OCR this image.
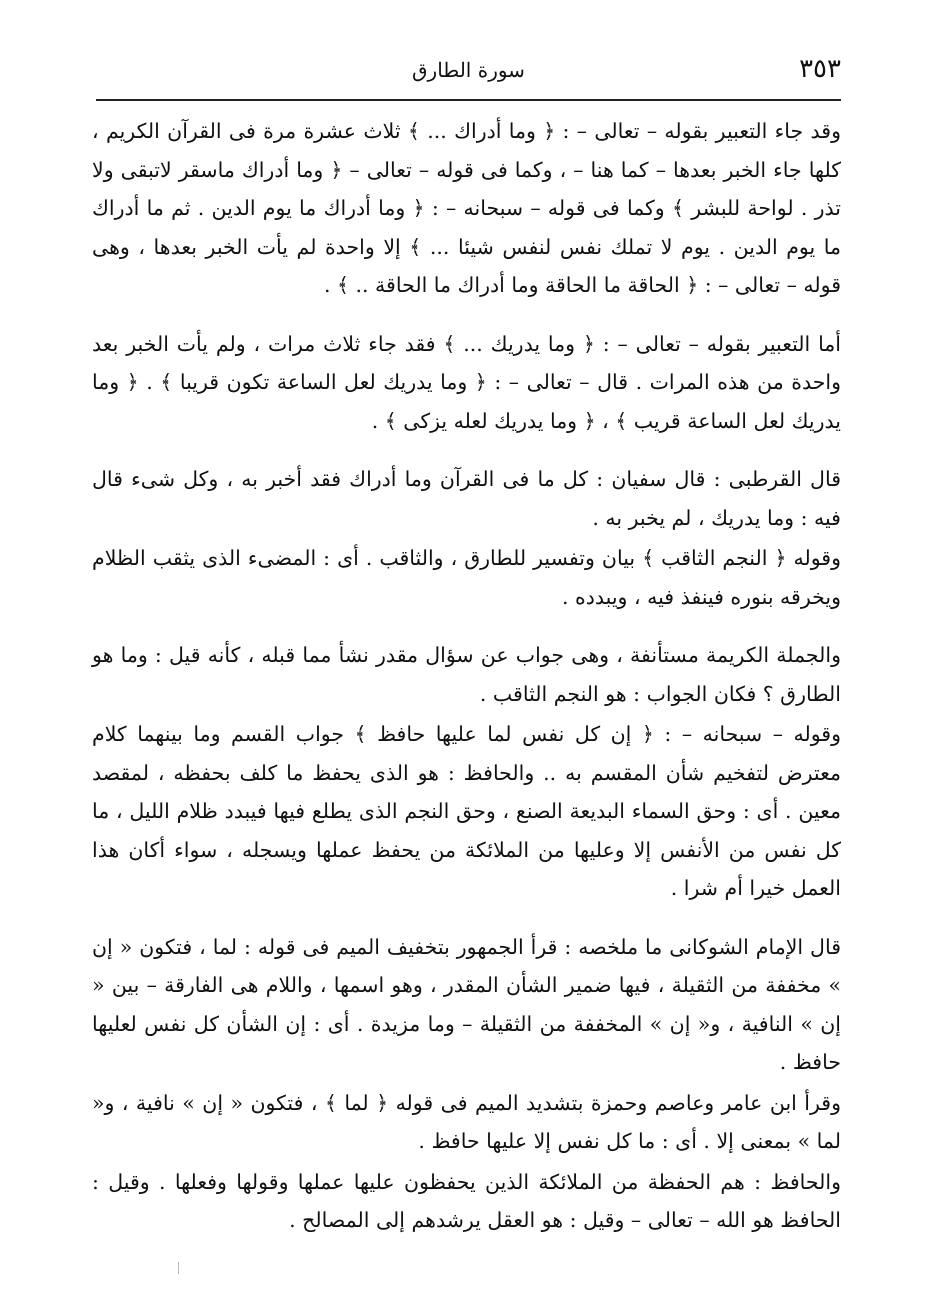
٣٥٣
سورة الطارق

وقد جاء التعبير بقوله – تعالى – : ﴿ وما أدراك ... ﴾ ثلاث عشرة مرة فى القرآن الكريم ، كلها جاء الخبر بعدها – كما هنا – ، وكما فى قوله – تعالى – ﴿ وما أدراك ماسقر لاتبقى ولا تذر . لواحة للبشر ﴾ وكما فى قوله – سبحانه – : ﴿ وما أدراك ما يوم الدين . ثم ما أدراك ما يوم الدين . يوم لا تملك نفس لنفس شيئا ... ﴾ إلا واحدة لم يأت الخبر بعدها ، وهى قوله – تعالى – : ﴿ الحاقة ما الحاقة وما أدراك ما الحاقة .. ﴾ .

أما التعبير بقوله – تعالى – : ﴿ وما يدريك ... ﴾ فقد جاء ثلاث مرات ، ولم يأت الخبر بعد واحدة من هذه المرات . قال – تعالى – : ﴿ وما يدريك لعل الساعة تكون قريبا ﴾ . ﴿ وما يدريك لعل الساعة قريب ﴾ ، ﴿ وما يدريك لعله يزكى ﴾ .

قال القرطبى : قال سفيان : كل ما فى القرآن وما أدراك فقد أخبر به ، وكل شىء قال فيه : وما يدريك ، لم يخبر به .

وقوله ﴿ النجم الثاقب ﴾ بيان وتفسير للطارق ، والثاقب . أى : المضىء الذى يثقب الظلام ويخرقه بنوره فينفذ فيه ، ويبدده .

والجملة الكريمة مستأنفة ، وهى جواب عن سؤال مقدر نشأ مما قبله ، كأنه قيل : وما هو الطارق ؟ فكان الجواب : هو النجم الثاقب .

وقوله – سبحانه – : ﴿ إن كل نفس لما عليها حافظ ﴾ جواب القسم وما بينهما كلام معترض لتفخيم شأن المقسم به .. والحافظ : هو الذى يحفظ ما كلف بحفظه ، لمقصد معين . أى : وحق السماء البديعة الصنع ، وحق النجم الذى يطلع فيها فيبدد ظلام الليل ، ما كل نفس من الأنفس إلا وعليها من الملائكة من يحفظ عملها ويسجله ، سواء أكان هذا العمل خيرا أم شرا .

قال الإمام الشوكانى ما ملخصه : قرأ الجمهور بتخفيف الميم فى قوله : لما ، فتكون « إن » مخففة من الثقيلة ، فيها ضمير الشأن المقدر ، وهو اسمها ، واللام هى الفارقة – بين « إن » النافية ، و« إن » المخففة من الثقيلة – وما مزيدة . أى : إن الشأن كل نفس لعليها حافظ .

وقرأ ابن عامر وعاصم وحمزة بتشديد الميم فى قوله ﴿ لما ﴾ ، فتكون « إن » نافية ، و« لما » بمعنى إلا . أى : ما كل نفس إلا عليها حافظ .

والحافظ : هم الحفظة من الملائكة الذين يحفظون عليها عملها وقولها وفعلها . وقيل : الحافظ هو الله – تعالى – وقيل : هو العقل يرشدهم إلى المصالح .
